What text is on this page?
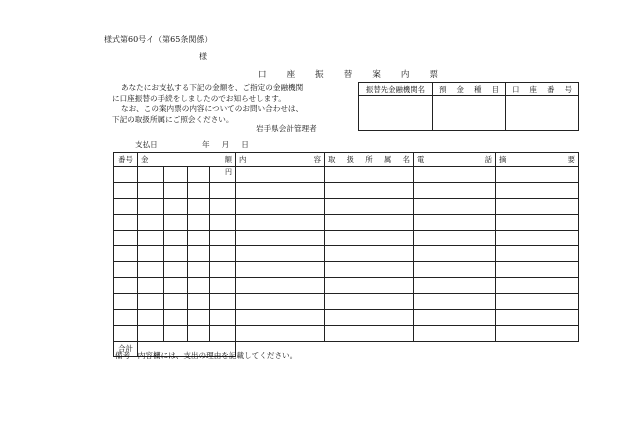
様式第60号イ（第65条関係）
様
口 座 振 替 案 内 票
あなたにお支払する下記の金額を、ご指定の金融機関
に口座振替の手続をしましたのでお知らせします。
なお、この案内票の内容についてのお問い合わせは、
下記の取扱所属にご照会ください。
岩手県会計管理者
振替先金融機関名	預 金 種 目	口 座 番 号

支払日	年 月 日
番号	金 額				内 容	取 扱 所 属 名	電 話	摘 要

				円				

合計								
備考　内容欄には、支出の理由を記載してください。
